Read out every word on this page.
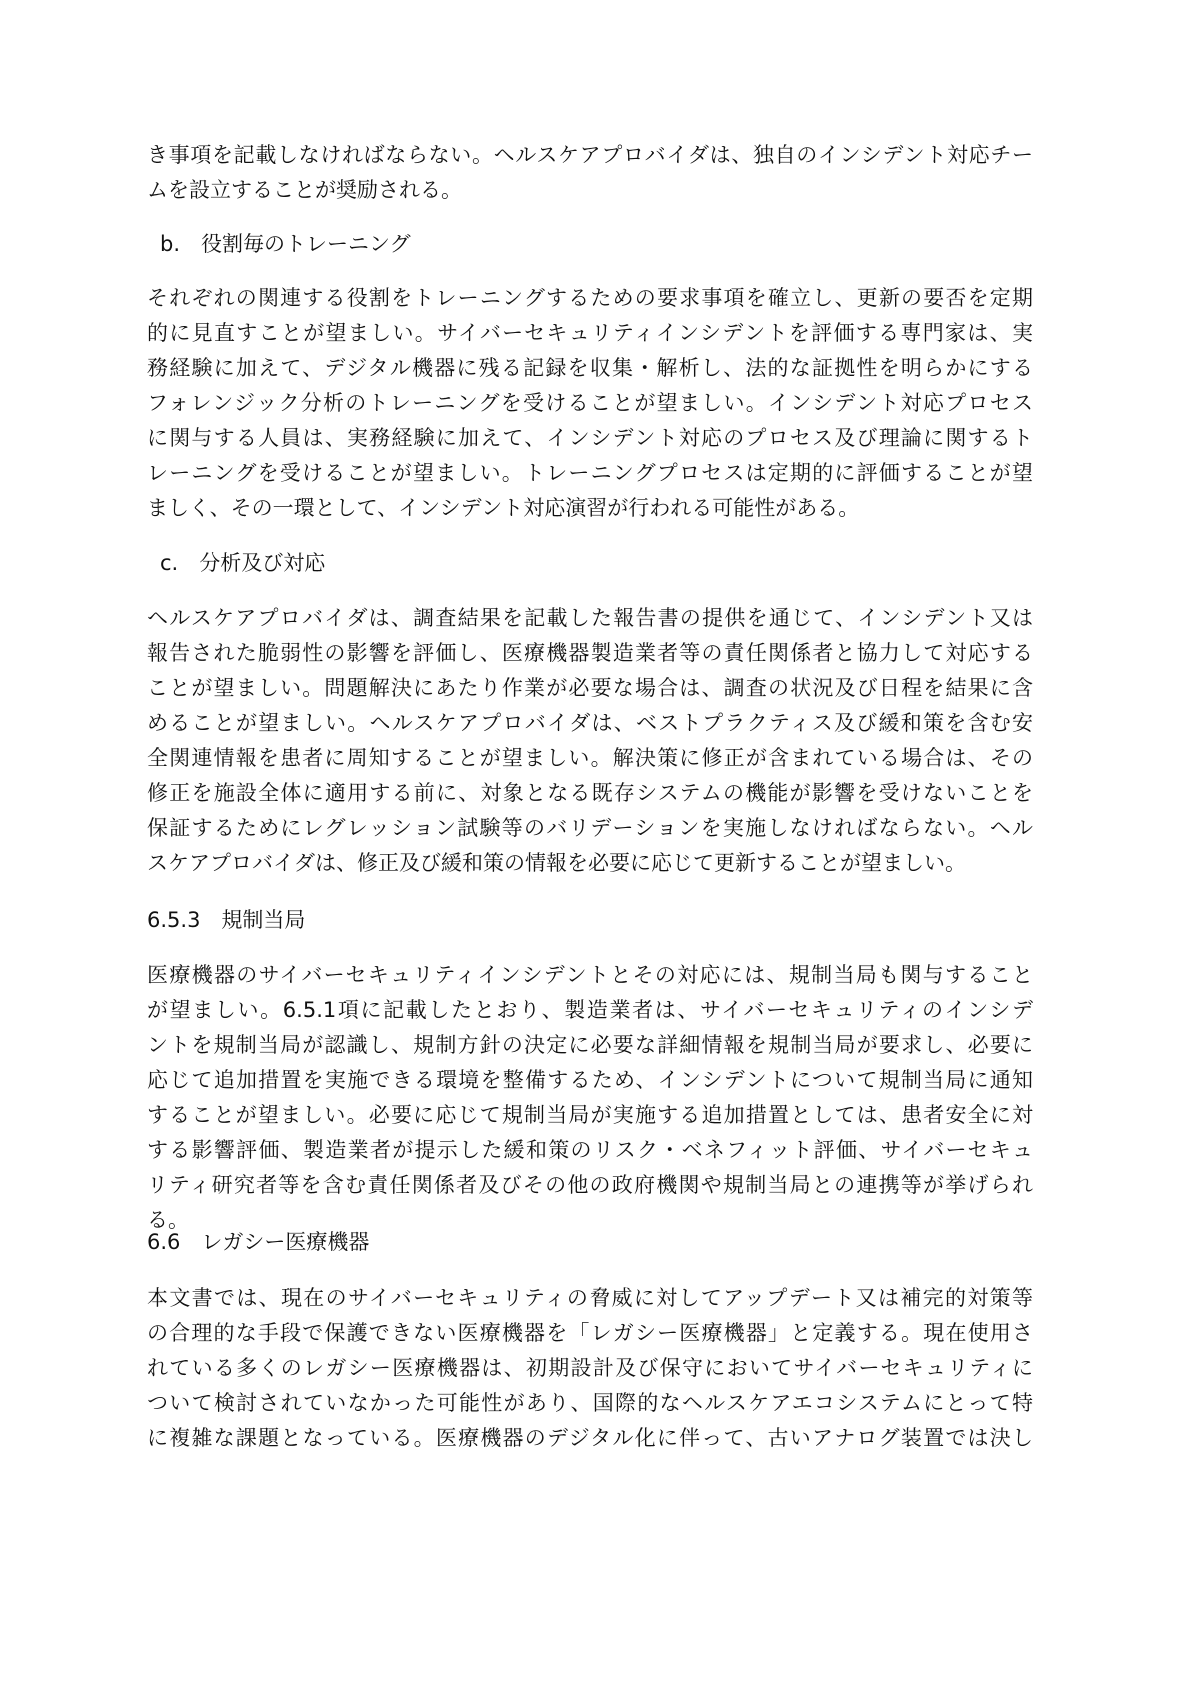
き事項を記載しなければならない。ヘルスケアプロバイダは、独自のインシデント対応チー
ムを設立することが奨励される。
b.　役割毎のトレーニング
それぞれの関連する役割をトレーニングするための要求事項を確立し、更新の要否を定期
的に見直すことが望ましい。サイバーセキュリティインシデントを評価する専門家は、実
務経験に加えて、デジタル機器に残る記録を収集・解析し、法的な証拠性を明らかにする
フォレンジック分析のトレーニングを受けることが望ましい。インシデント対応プロセス
に関与する人員は、実務経験に加えて、インシデント対応のプロセス及び理論に関するト
レーニングを受けることが望ましい。トレーニングプロセスは定期的に評価することが望
ましく、その一環として、インシデント対応演習が行われる可能性がある。
c.　分析及び対応
ヘルスケアプロバイダは、調査結果を記載した報告書の提供を通じて、インシデント又は
報告された脆弱性の影響を評価し、医療機器製造業者等の責任関係者と協力して対応する
ことが望ましい。問題解決にあたり作業が必要な場合は、調査の状況及び日程を結果に含
めることが望ましい。ヘルスケアプロバイダは、ベストプラクティス及び緩和策を含む安
全関連情報を患者に周知することが望ましい。解決策に修正が含まれている場合は、その
修正を施設全体に適用する前に、対象となる既存システムの機能が影響を受けないことを
保証するためにレグレッション試験等のバリデーションを実施しなければならない。ヘル
スケアプロバイダは、修正及び緩和策の情報を必要に応じて更新することが望ましい。
6.5.3　規制当局
医療機器のサイバーセキュリティインシデントとその対応には、規制当局も関与すること
が望ましい。6.5.1項に記載したとおり、製造業者は、サイバーセキュリティのインシデ
ントを規制当局が認識し、規制方針の決定に必要な詳細情報を規制当局が要求し、必要に
応じて追加措置を実施できる環境を整備するため、インシデントについて規制当局に通知
することが望ましい。必要に応じて規制当局が実施する追加措置としては、患者安全に対
する影響評価、製造業者が提示した緩和策のリスク・ベネフィット評価、サイバーセキュ
リティ研究者等を含む責任関係者及びその他の政府機関や規制当局との連携等が挙げられ
る。
6.6　レガシー医療機器
本文書では、現在のサイバーセキュリティの脅威に対してアップデート又は補完的対策等
の合理的な手段で保護できない医療機器を「レガシー医療機器」と定義する。現在使用さ
れている多くのレガシー医療機器は、初期設計及び保守においてサイバーセキュリティに
ついて検討されていなかった可能性があり、国際的なヘルスケアエコシステムにとって特
に複雑な課題となっている。医療機器のデジタル化に伴って、古いアナログ装置では決し
